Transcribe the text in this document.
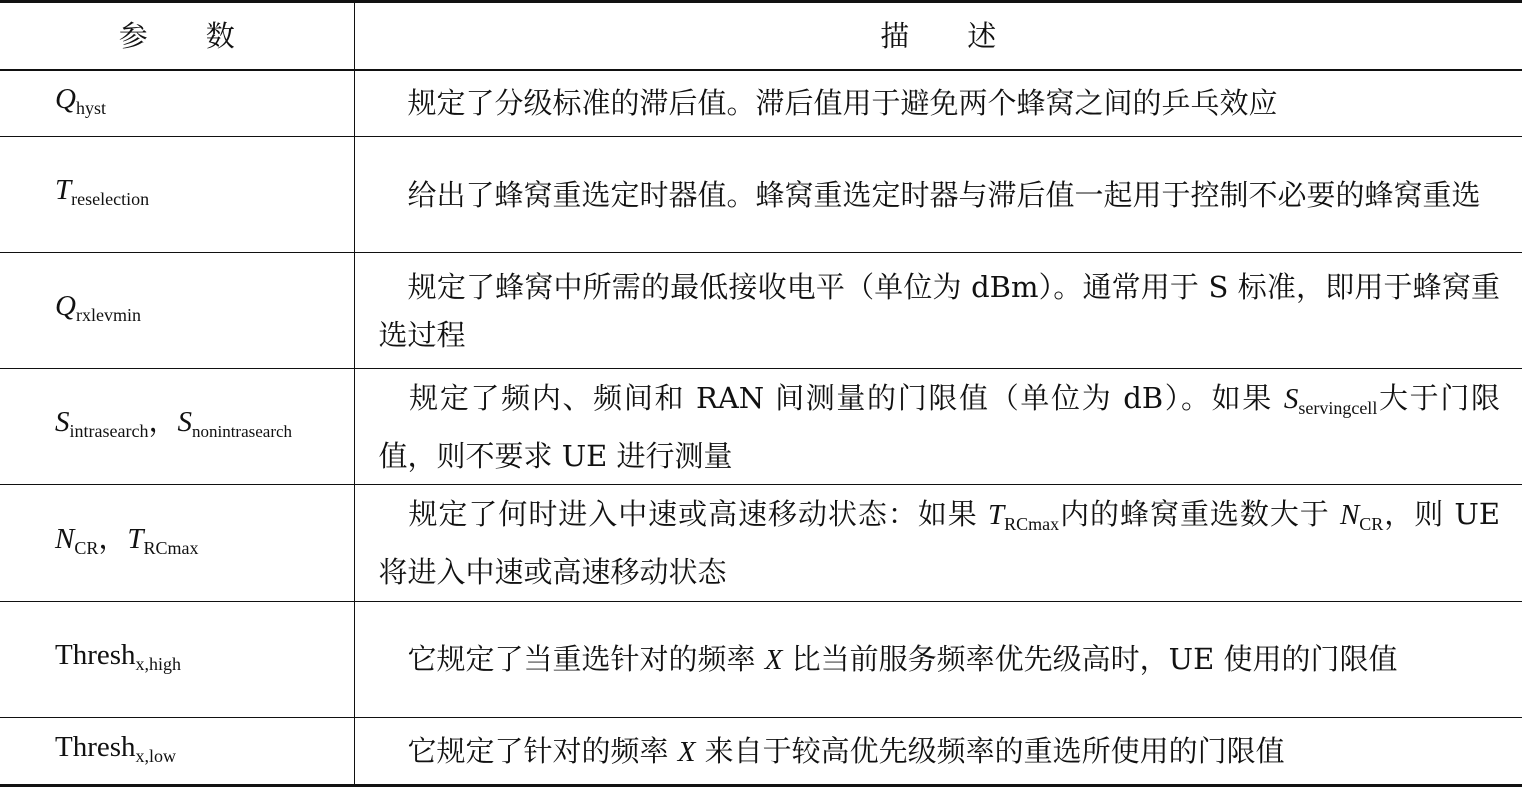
参 数	描 述
$Q_{hyst}$	规定了分级标准的滞后值。滞后值用于避免两个蜂窝之间的乒乓效应
$T_{reselection}$	给出了蜂窝重选定时器值。蜂窝重选定时器与滞后值一起用于控制不必要的蜂窝重选
$Q_{rxlevmin}$	规定了蜂窝中所需的最低接收电平（单位为 dBm）。通常用于 S 标准，即用于蜂窝重选过程
$S_{intrasearch}$，$S_{nonintrasearch}$	规定了频内、频间和 RAN 间测量的门限值（单位为 dB）。如果 $S_{servingcell}$大于门限值，则不要求 UE 进行测量
$N_{CR}$，$T_{RCmax}$	规定了何时进入中速或高速移动状态：如果 $T_{RCmax}$内的蜂窝重选数大于 $N_{CR}$，则 UE 将进入中速或高速移动状态
Thresh$_{x,high}$	它规定了当重选针对的频率 X 比当前服务频率优先级高时，UE 使用的门限值
Thresh$_{x,low}$	它规定了针对的频率 X 来自于较高优先级频率的重选所使用的门限值
